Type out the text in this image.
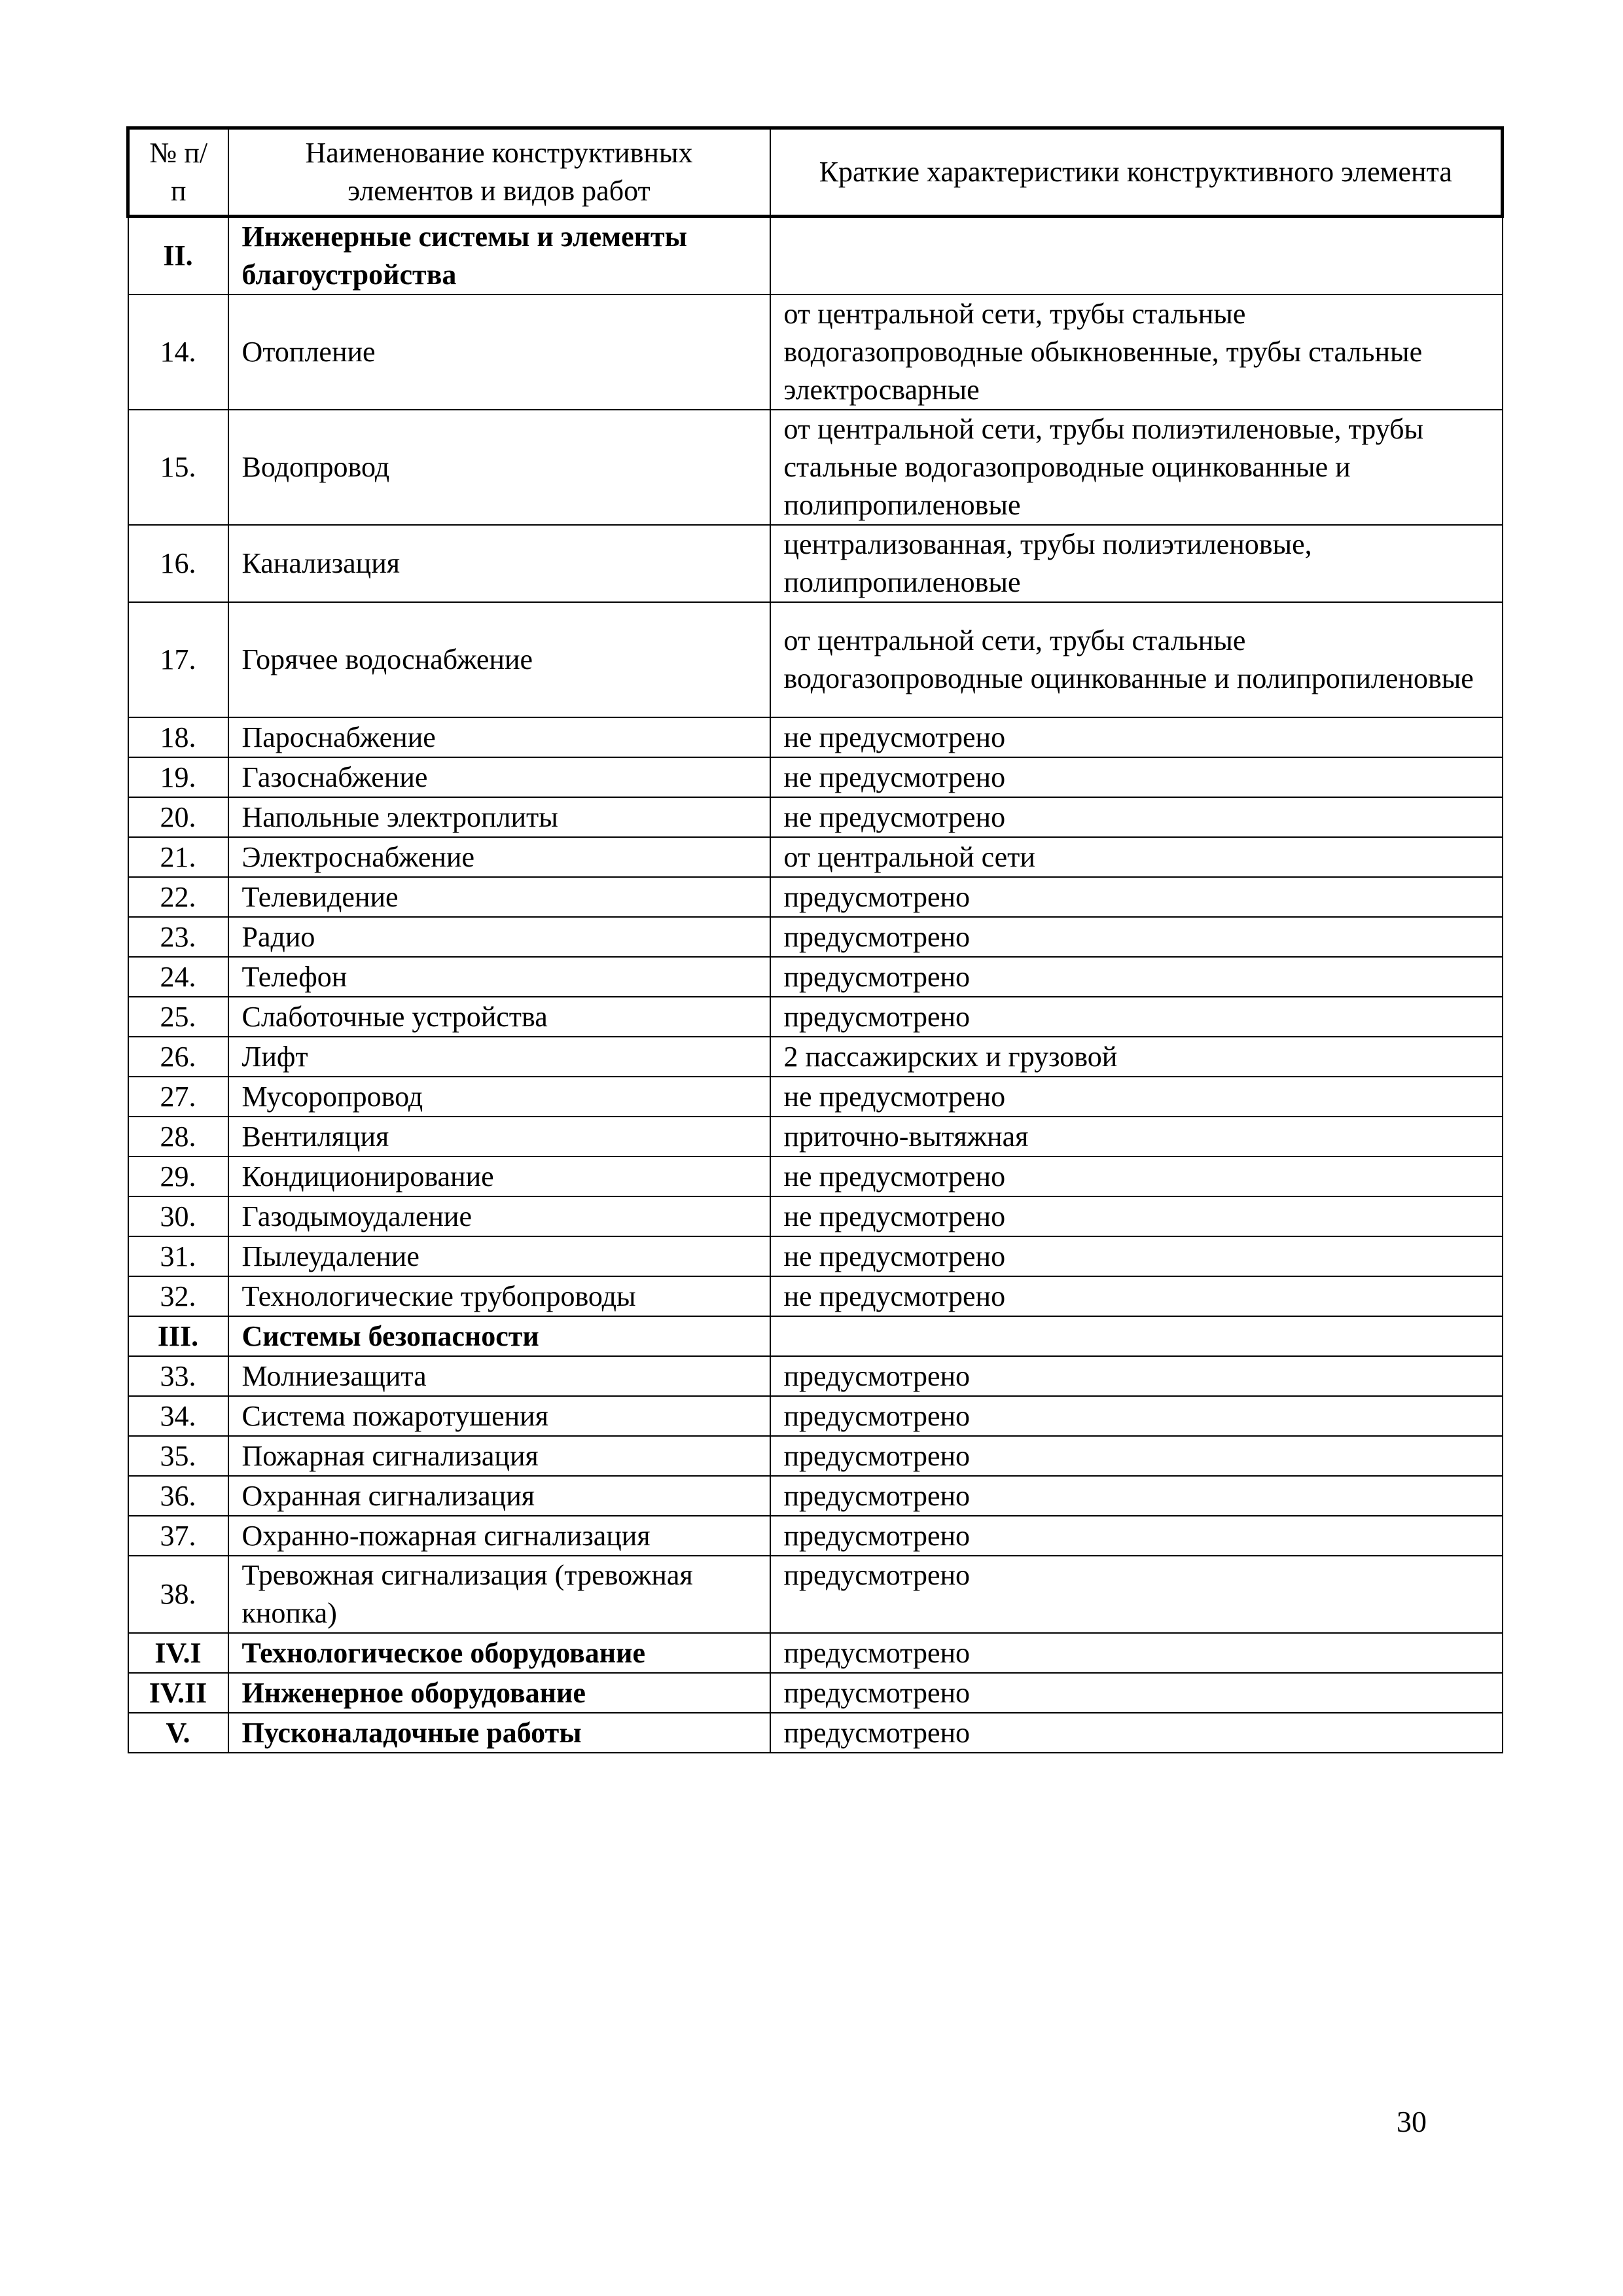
№ п/п	Наименование конструктивных элементов и видов работ	Краткие характеристики конструктивного элемента
II.	Инженерные системы и элементы благоустройства	
14.	Отопление	от центральной сети, трубы стальные водогазопроводные обыкновенные, трубы стальные электросварные
15.	Водопровод	от центральной сети, трубы полиэтиленовые, трубы стальные водогазопроводные оцинкованные и полипропиленовые
16.	Канализация	централизованная, трубы полиэтиленовые, полипропиленовые
17.	Горячее водоснабжение	от центральной сети, трубы стальные водогазопроводные оцинкованные и полипропиленовые
18.	Пароснабжение	не предусмотрено
19.	Газоснабжение	не предусмотрено
20.	Напольные электроплиты	не предусмотрено
21.	Электроснабжение	от центральной сети
22.	Телевидение	предусмотрено
23.	Радио	предусмотрено
24.	Телефон	предусмотрено
25.	Слаботочные устройства	предусмотрено
26.	Лифт	2 пассажирских и грузовой
27.	Мусоропровод	не предусмотрено
28.	Вентиляция	приточно-вытяжная
29.	Кондиционирование	не предусмотрено
30.	Газодымоудаление	не предусмотрено
31.	Пылеудаление	не предусмотрено
32.	Технологические трубопроводы	не предусмотрено
III.	Системы безопасности	
33.	Молниезащита	предусмотрено
34.	Система пожаротушения	предусмотрено
35.	Пожарная сигнализация	предусмотрено
36.	Охранная сигнализация	предусмотрено
37.	Охранно-пожарная сигнализация	предусмотрено
38.	Тревожная сигнализация (тревожная кнопка)	предусмотрено
IV.I	Технологическое оборудование	предусмотрено
IV.II	Инженерное оборудование	предусмотрено
V.	Пусконаладочные работы	предусмотрено
30
